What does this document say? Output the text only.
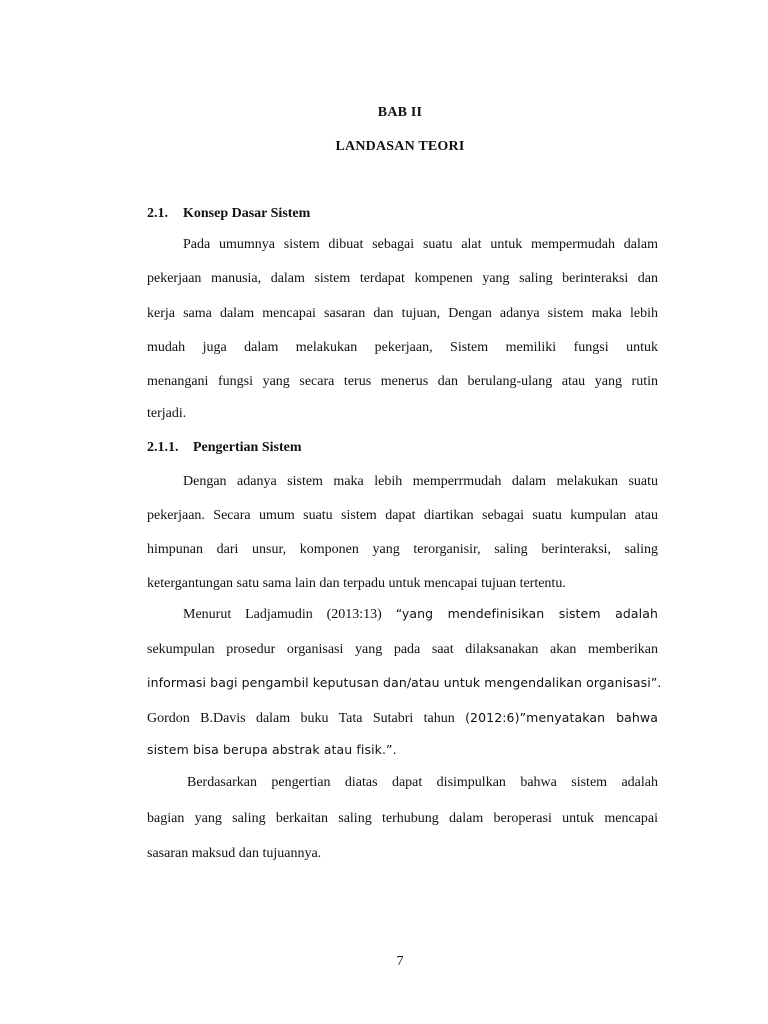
BAB II
LANDASAN TEORI
2.1. Konsep Dasar Sistem
Pada umumnya sistem dibuat sebagai suatu alat untuk mempermudah dalam
pekerjaan manusia, dalam sistem terdapat kompenen yang saling berinteraksi dan
kerja sama dalam mencapai sasaran dan tujuan, Dengan adanya sistem maka lebih
mudah juga dalam melakukan pekerjaan, Sistem memiliki fungsi untuk
menangani fungsi yang secara terus menerus dan berulang-ulang atau yang rutin
terjadi.
2.1.1. Pengertian Sistem
Dengan adanya sistem maka lebih memperrmudah dalam melakukan suatu
pekerjaan. Secara umum suatu sistem dapat diartikan sebagai suatu kumpulan atau
himpunan dari unsur, komponen yang terorganisir, saling berinteraksi, saling
ketergantungan satu sama lain dan terpadu untuk mencapai tujuan tertentu.
Menurut Ladjamudin (2013:13) “yang mendefinisikan sistem adalah
sekumpulan prosedur organisasi yang pada saat dilaksanakan akan memberikan
informasi bagi pengambil keputusan dan/atau untuk mengendalikan organisasi”.
Gordon B.Davis dalam buku Tata Sutabri tahun (2012:6)”menyatakan bahwa
sistem bisa berupa abstrak atau fisik.”.
Berdasarkan pengertian diatas dapat disimpulkan bahwa sistem adalah
bagian yang saling berkaitan saling terhubung dalam beroperasi untuk mencapai
sasaran maksud dan tujuannya.
7
